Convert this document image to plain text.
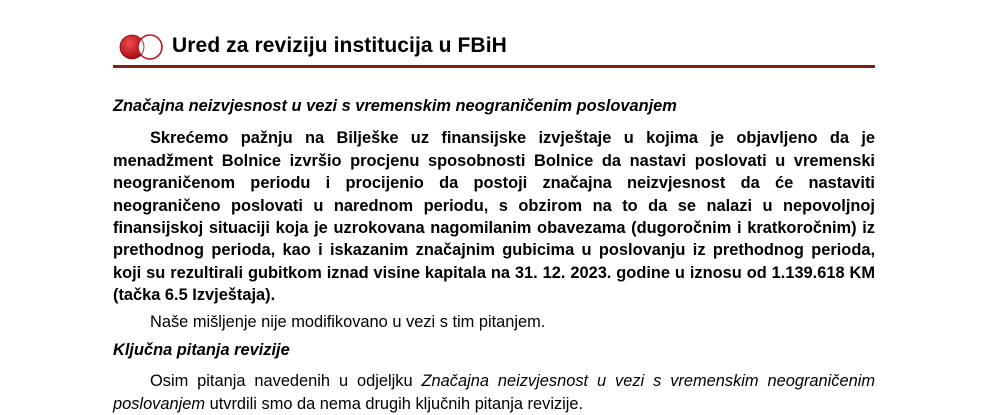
Ured za reviziju institucija u FBiH

Značajna neizvjesnost u vezi s vremenskim neograničenim poslovanjem

Skrećemo pažnju na Bilješke uz finansijske izvještaje u kojima je objavljeno da je menadžment Bolnice izvršio procjenu sposobnosti Bolnice da nastavi poslovati u vremenski neograničenom periodu i procijenio da postoji značajna neizvjesnost da će nastaviti neograničeno poslovati u narednom periodu, s obzirom na to da se nalazi u nepovoljnoj finansijskoj situaciji koja je uzrokovana nagomilanim obavezama (dugoročnim i kratkoročnim) iz prethodnog perioda, kao i iskazanim značajnim gubicima u poslovanju iz prethodnog perioda, koji su rezultirali gubitkom iznad visine kapitala na 31. 12. 2023. godine u iznosu od 1.139.618 KM (tačka 6.5 Izvještaja).

Naše mišljenje nije modifikovano u vezi s tim pitanjem.

Ključna pitanja revizije

Osim pitanja navedenih u odjeljku Značajna neizvjesnost u vezi s vremenskim neograničenim poslovanjem utvrdili smo da nema drugih ključnih pitanja revizije.
